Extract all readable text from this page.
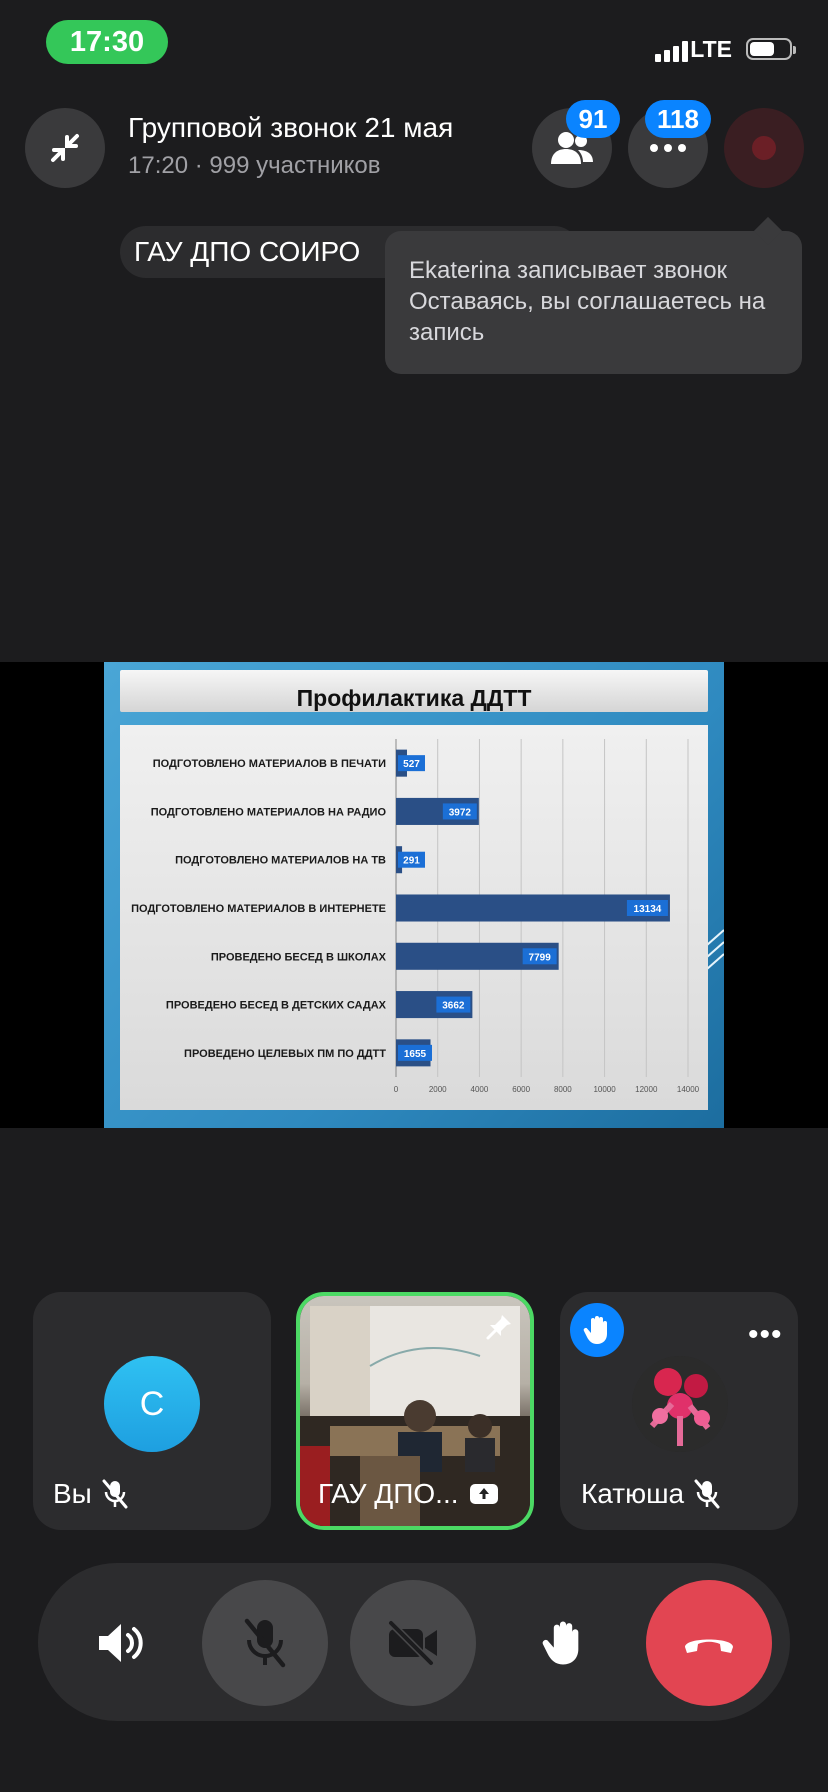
17:30	LTE
Групповой звонок 21 мая
17:20 · 999 участников
91	118
ГАУ ДПО СОИРО
Ekaterina записывает звонок
Оставаясь, вы соглашаетесь на запись
Профилактика ДДТТ
0	2000	4000	6000	8000	10000 12000 14000
ПОДГОТОВЛЕНО МАТЕРИАЛОВ В ПЕЧАТИ 527
ПОДГОТОВЛЕНО МАТЕРИАЛОВ НА РАДИО	3972
ПОДГОТОВЛЕНО МАТЕРИАЛОВ НА ТВ 291
ПОДГОТОВЛЕНО МАТЕРИАЛОВ В ИНТЕРНЕТЕ	13134
ПРОВЕДЕНО БЕСЕД В ШКОЛАХ	7799
ПРОВЕДЕНО БЕСЕД В ДЕТСКИХ САДАХ	3662
ПРОВЕДЕНО ЦЕЛЕВЫХ ПМ ПО ДДТТ 1655
С
Вы	ГАУ ДПО...
•••
Катюша
